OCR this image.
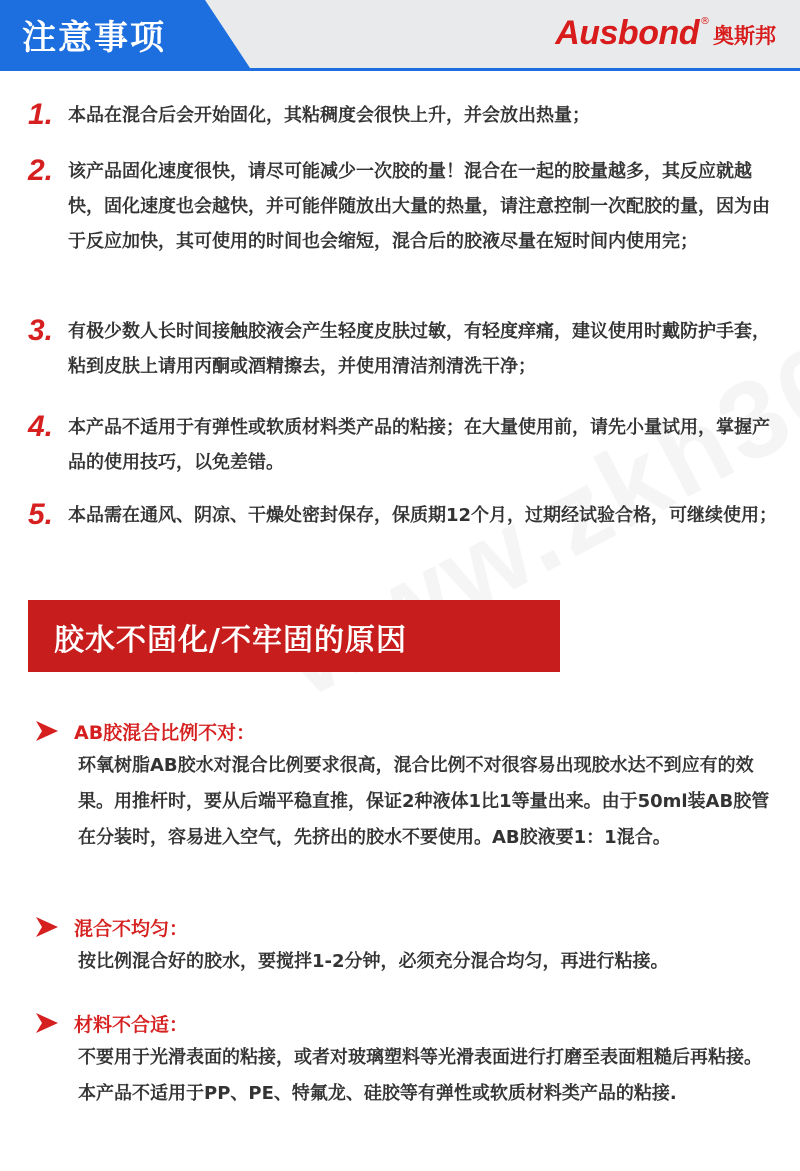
注意事项	Ausbond ®
奥斯邦
1. 本品在混合后会开始固化，其粘稠度会很快上升，并会放出热量；
2. 该产品固化速度很快，请尽可能减少一次胶的量！混合在一起的胶量越多，其反应就越快，固化速度也会越快，并可能伴随放出大量的热量，请注意控制一次配胶的量，因为由于反应加快，其可使用的时间也会缩短，混合后的胶液尽量在短时间内使用完；
3. 有极少数人长时间接触胶液会产生轻度皮肤过敏，有轻度痒痛，建议使用时戴防护手套，粘到皮肤上请用丙酮或酒精擦去，并使用清洁剂清洗干净；
4. 本产品不适用于有弹性或软质材料类产品的粘接；在大量使用前，请先小量试用，掌握产品的使用技巧，以免差错。
5. 本品需在通风、阴凉、干燥处密封保存，保质期12个月，过期经试验合格，可继续使用；
胶水不固化/不牢固的原因
AB胶混合比例不对：
环氧树脂AB胶水对混合比例要求很高，混合比例不对很容易出现胶水达不到应有的效果。用推杆时，要从后端平稳直推，保证2种液体1比1等量出来。由于50ml装AB胶管在分装时，容易进入空气，先挤出的胶水不要使用。AB胶液要1：1混合。
混合不均匀：
按比例混合好的胶水，要搅拌1-2分钟，必须充分混合均匀，再进行粘接。
材料不合适：
不要用于光滑表面的粘接，或者对玻璃塑料等光滑表面进行打磨至表面粗糙后再粘接。本产品不适用于PP、PE、特氟龙、硅胶等有弹性或软质材料类产品的粘接.
